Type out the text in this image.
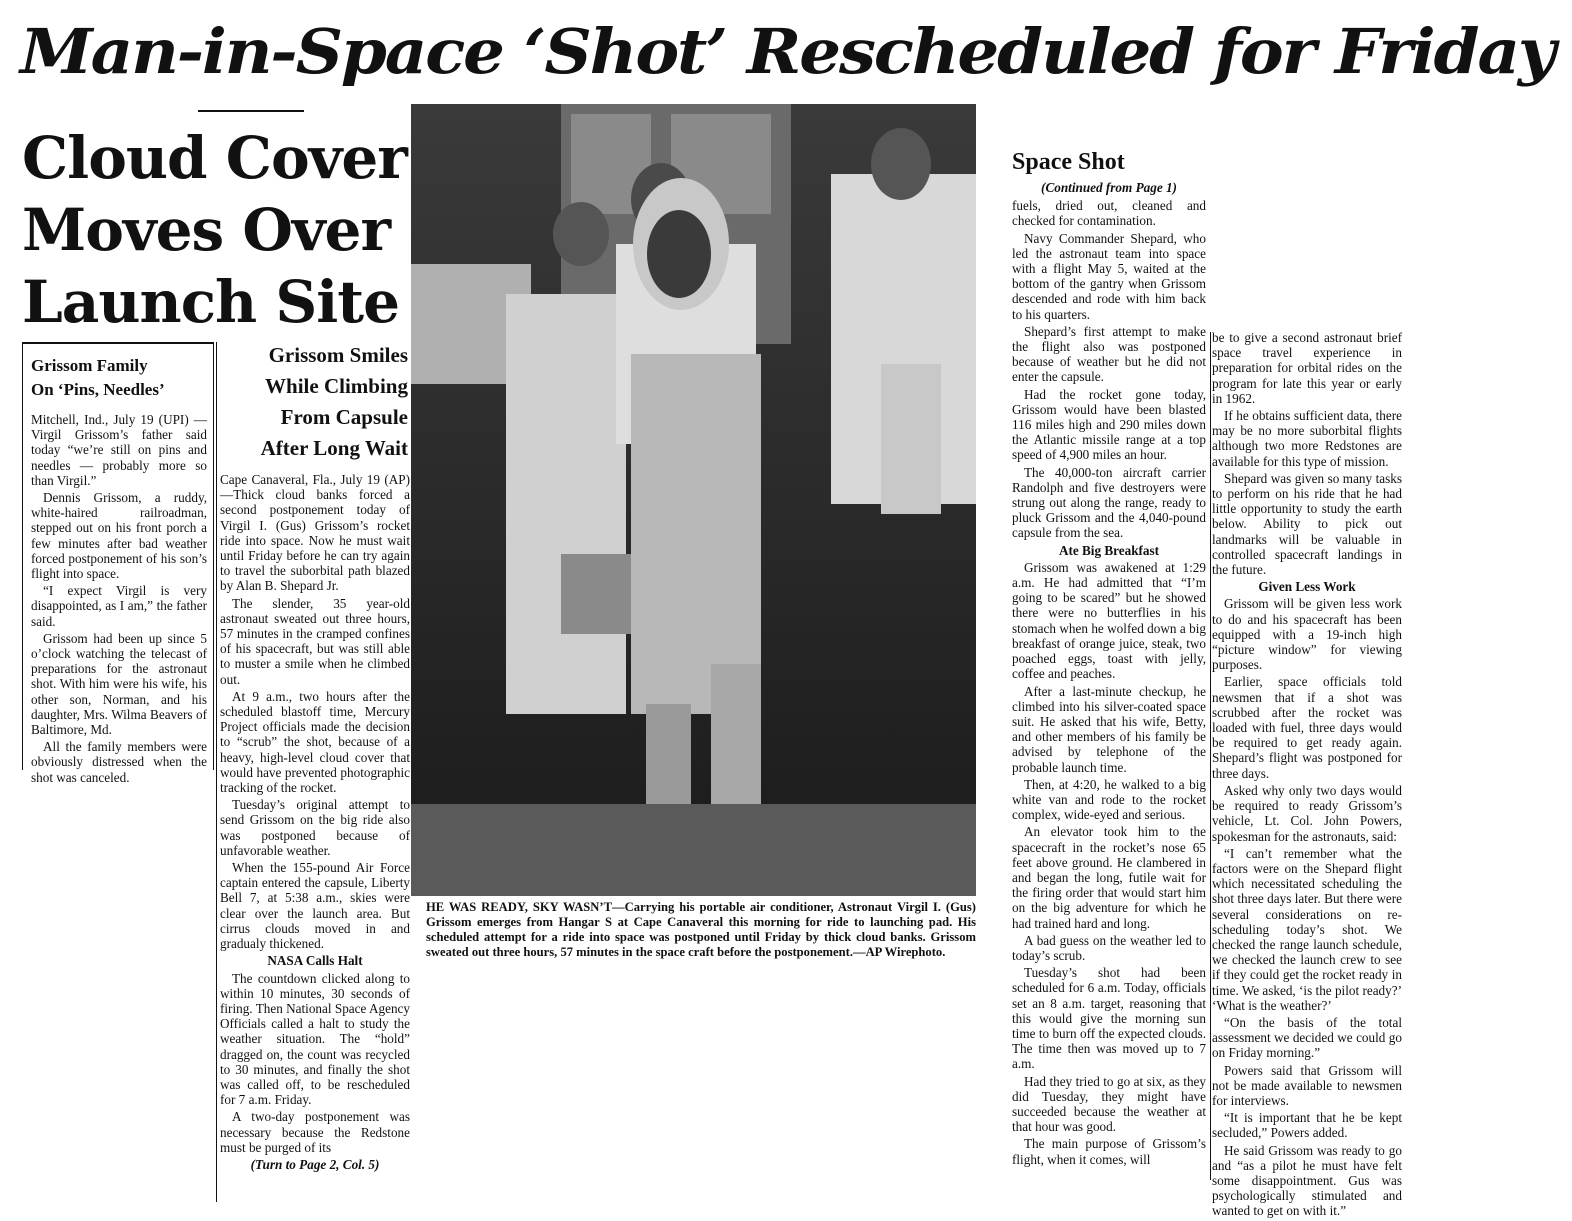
Man-in-Space ‘Shot’ Rescheduled for Friday
Cloud Cover
Moves Over
Launch Site
Grissom Family
On ‘Pins, Needles’

Mitchell, Ind., July 19 (UPI) — Virgil Grissom’s father said today “we’re still on pins and needles — probably more so than Virgil.”

Dennis Grissom, a ruddy, white-haired railroadman, stepped out on his front porch a few minutes after bad weather forced postponement of his son’s flight into space.

“I expect Virgil is very disappointed, as I am,” the father said.

Grissom had been up since 5 o’clock watching the telecast of preparations for the astronaut shot. With him were his wife, his other son, Norman, and his daughter, Mrs. Wilma Beavers of Baltimore, Md.

All the family members were obviously distressed when the shot was canceled.

Grissom Smiles
While Climbing
From Capsule
After Long Wait

Cape Canaveral, Fla., July 19 (AP)—Thick cloud banks forced a second postponement today of Virgil I. (Gus) Grissom’s rocket ride into space. Now he must wait until Friday before he can try again to travel the suborbital path blazed by Alan B. Shepard Jr.

The slender, 35 year-old astronaut sweated out three hours, 57 minutes in the cramped confines of his spacecraft, but was still able to muster a smile when he climbed out.

At 9 a.m., two hours after the scheduled blastoff time, Mercury Project officials made the decision to “scrub” the shot, because of a heavy, high-level cloud cover that would have prevented photographic tracking of the rocket.

Tuesday’s original attempt to send Grissom on the big ride also was postponed because of unfavorable weather.

When the 155-pound Air Force captain entered the capsule, Liberty Bell 7, at 5:38 a.m., skies were clear over the launch area. But cirrus clouds moved in and gradualy thickened.

NASA Calls Halt

The countdown clicked along to within 10 minutes, 30 seconds of firing. Then National Space Agency Officials called a halt to study the weather situation. The “hold” dragged on, the count was recycled to 30 minutes, and finally the shot was called off, to be rescheduled for 7 a.m. Friday.

A two-day postponement was necessary because the Redstone must be purged of its

(Turn to Page 2, Col. 5)

HE WAS READY, SKY WASN’T—Carrying his portable air conditioner, Astronaut Virgil I. (Gus) Grissom emerges from Hangar S at Cape Canaveral this morning for ride to launching pad. His scheduled attempt for a ride into space was postponed until Friday by thick cloud banks. Grissom sweated out three hours, 57 minutes in the space craft before the postponement.—AP Wirephoto.
Space Shot
(Continued from Page 1)

fuels, dried out, cleaned and checked for contamination.

Navy Commander Shepard, who led the astronaut team into space with a flight May 5, waited at the bottom of the gantry when Grissom descended and rode with him back to his quarters.

Shepard’s first attempt to make the flight also was postponed because of weather but he did not enter the capsule.

Had the rocket gone today, Grissom would have been blasted 116 miles high and 290 miles down the Atlantic missile range at a top speed of 4,900 miles an hour.

The 40,000-ton aircraft carrier Randolph and five destroyers were strung out along the range, ready to pluck Grissom and the 4,040-pound capsule from the sea.

Ate Big Breakfast

Grissom was awakened at 1:29 a.m. He had admitted that “I’m going to be scared” but he showed there were no butterflies in his stomach when he wolfed down a big breakfast of orange juice, steak, two poached eggs, toast with jelly, coffee and peaches.

After a last-minute checkup, he climbed into his silver-coated space suit. He asked that his wife, Betty, and other members of his family be advised by telephone of the probable launch time.

Then, at 4:20, he walked to a big white van and rode to the rocket complex, wide-eyed and serious.

An elevator took him to the spacecraft in the rocket’s nose 65 feet above ground. He clambered in and began the long, futile wait for the firing order that would start him on the big adventure for which he had trained hard and long.

A bad guess on the weather led to today’s scrub.

Tuesday’s shot had been scheduled for 6 a.m. Today, officials set an 8 a.m. target, reasoning that this would give the morning sun time to burn off the expected clouds. The time then was moved up to 7 a.m.

Had they tried to go at six, as they did Tuesday, they might have succeeded because the weather at that hour was good.

The main purpose of Grissom’s flight, when it comes, will

be to give a second astronaut brief space travel experience in preparation for orbital rides on the program for late this year or early in 1962.

If he obtains sufficient data, there may be no more suborbital flights although two more Redstones are available for this type of mission.

Shepard was given so many tasks to perform on his ride that he had little opportunity to study the earth below. Ability to pick out landmarks will be valuable in controlled spacecraft landings in the future.

Given Less Work

Grissom will be given less work to do and his spacecraft has been equipped with a 19-inch high “picture window” for viewing purposes.

Earlier, space officials told newsmen that if a shot was scrubbed after the rocket was loaded with fuel, three days would be required to get ready again. Shepard’s flight was postponed for three days.

Asked why only two days would be required to ready Grissom’s vehicle, Lt. Col. John Powers, spokesman for the astronauts, said:

“I can’t remember what the factors were on the Shepard flight which necessitated scheduling the shot three days later. But there were several considerations on re-scheduling today’s shot. We checked the range launch schedule, we checked the launch crew to see if they could get the rocket ready in time. We asked, ‘is the pilot ready?’ ‘What is the weather?’

“On the basis of the total assessment we decided we could go on Friday morning.”

Powers said that Grissom will not be made available to newsmen for interviews.

“It is important that he be kept secluded,” Powers added.

He said Grissom was ready to go and “as a pilot he must have felt some disappointment. Gus was psychologically stimulated and wanted to get on with it.”
